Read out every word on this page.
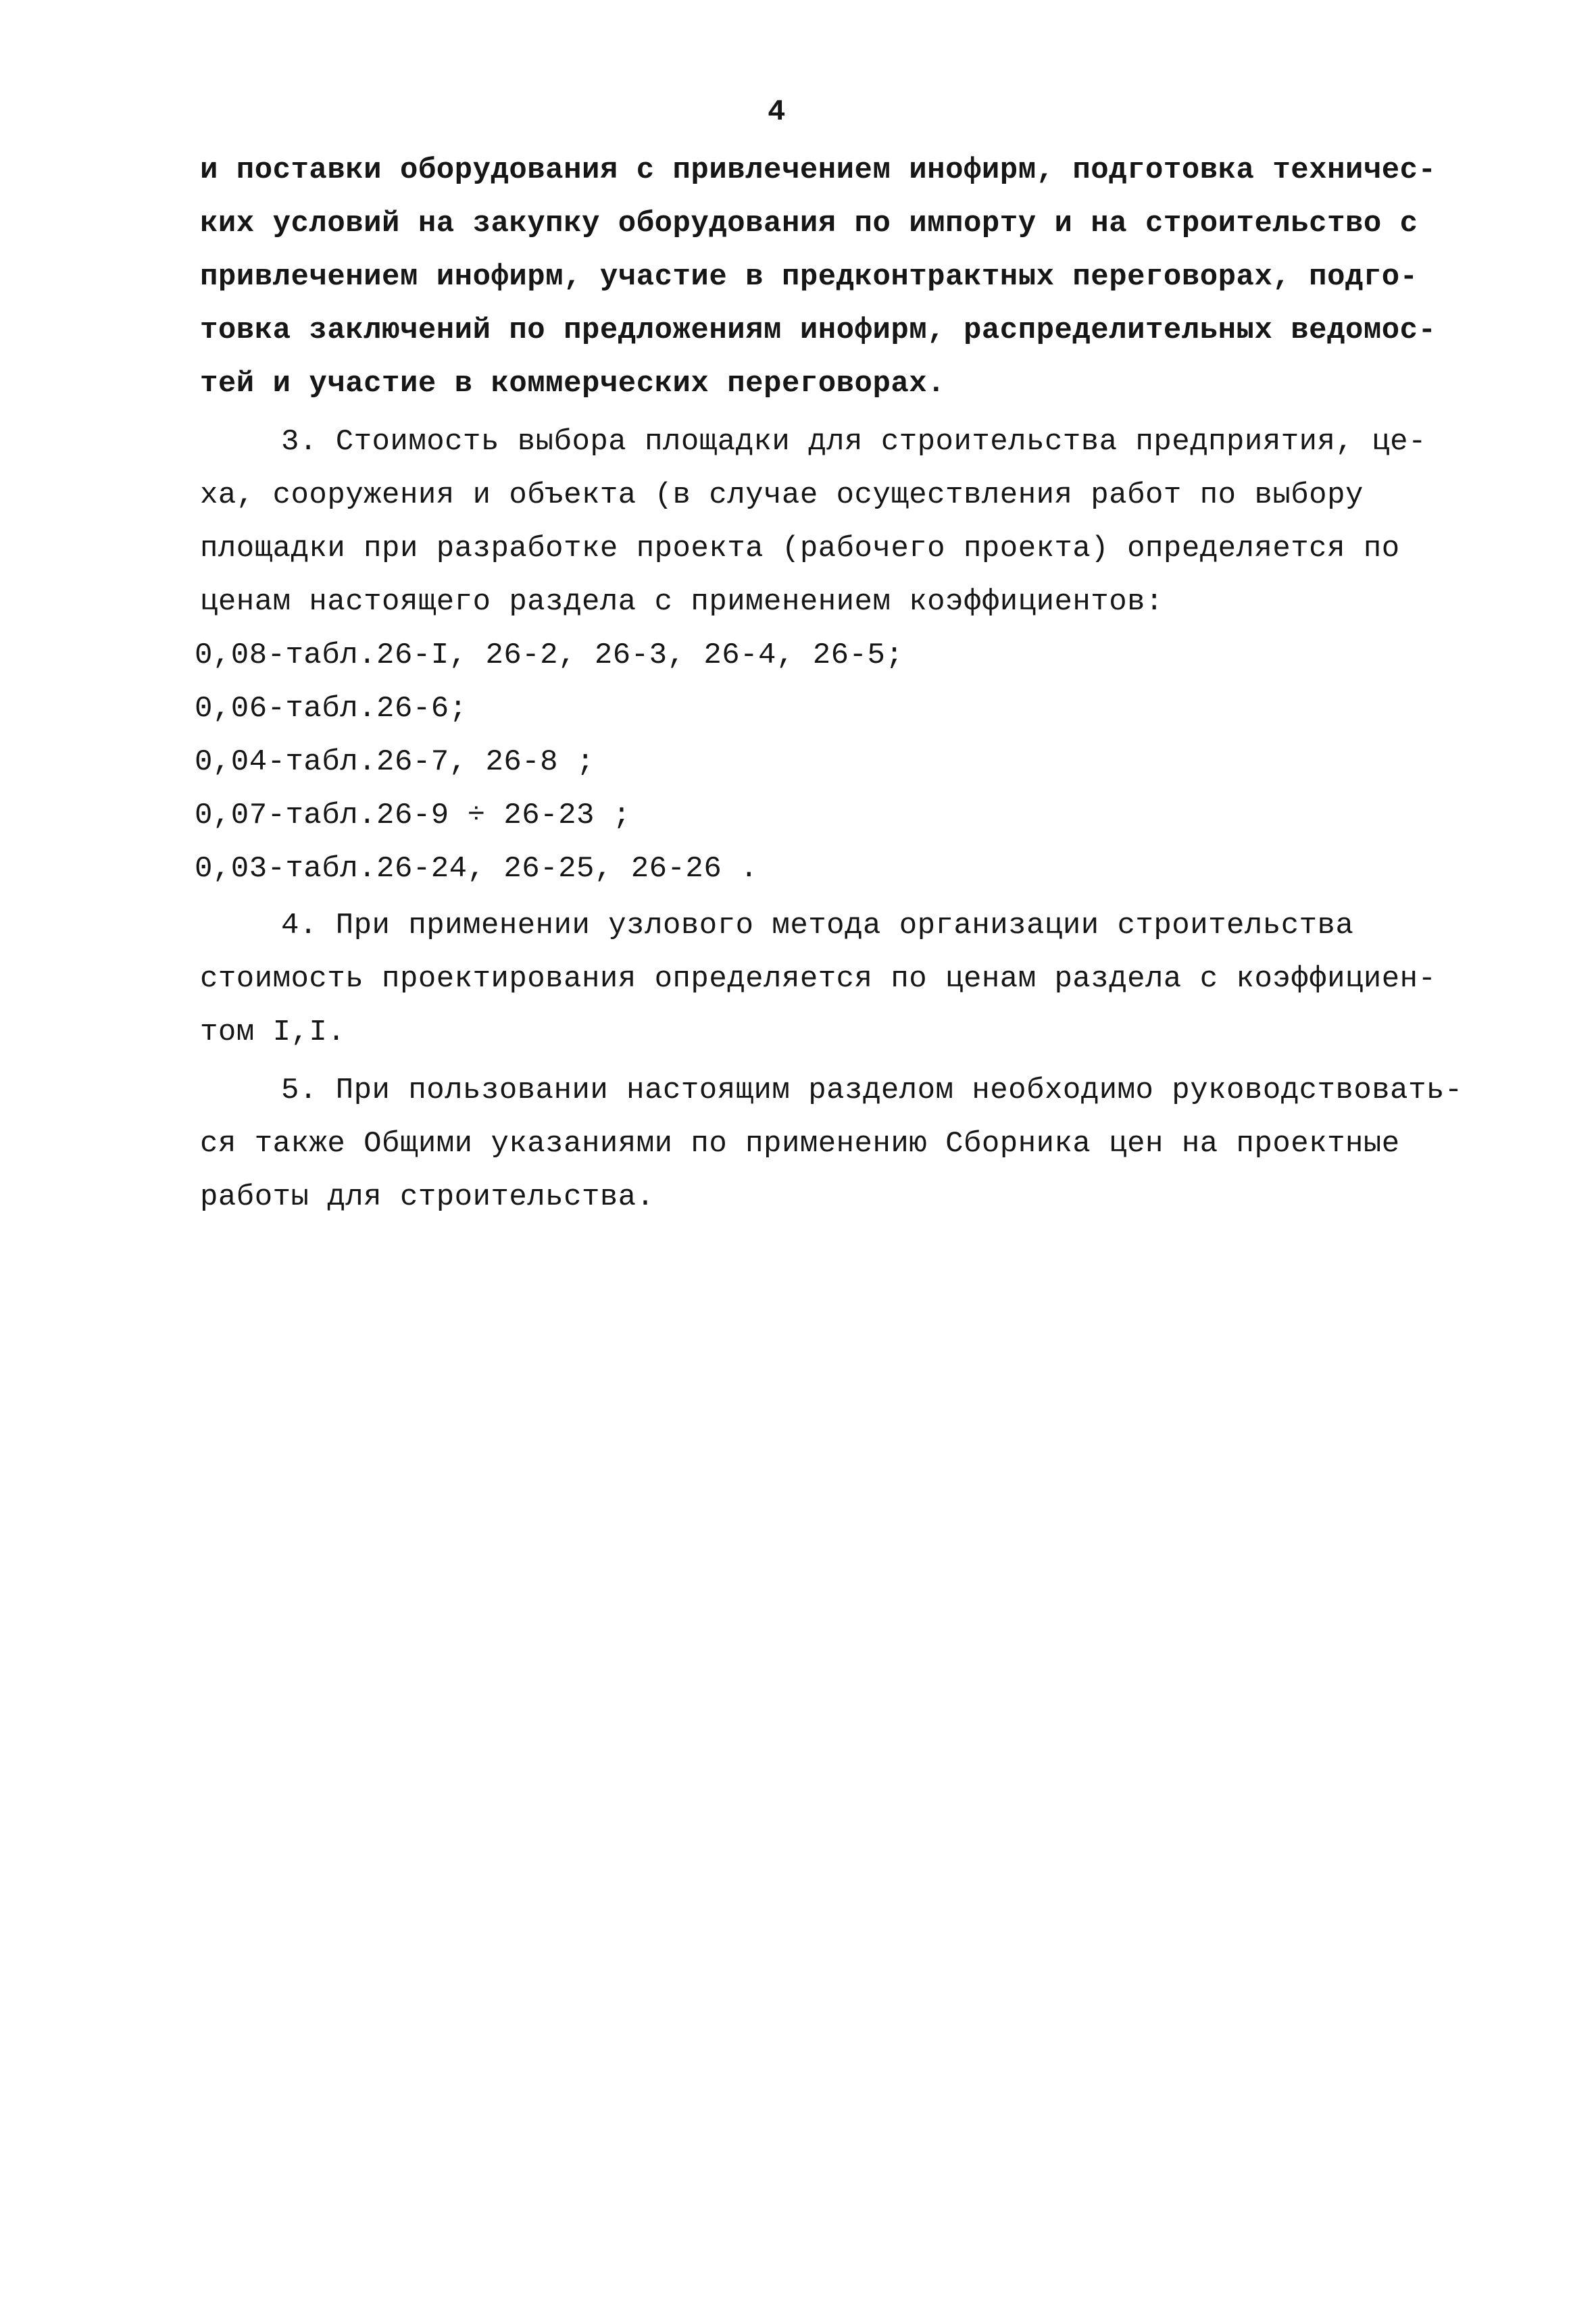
4
и поставки оборудования с привлечением инофирм, подготовка техничес-
ких условий на закупку оборудования по импорту и на строительство с
привлечением инофирм, участие в предконтрактных переговорах, подго-
товка заключений по предложениям инофирм, распределительных ведомос-
тей и участие в коммерческих переговорах.
3. Стоимость выбора площадки для строительства предприятия, це-
ха, сооружения и объекта (в случае осуществления работ по выбору
площадки при разработке проекта (рабочего проекта) определяется по
ценам настоящего раздела с применением коэффициентов:
0,08-табл.26-I, 26-2, 26-3, 26-4, 26-5;
0,06-табл.26-6;
0,04-табл.26-7, 26-8 ;
0,07-табл.26-9 ÷ 26-23 ;
0,03-табл.26-24, 26-25, 26-26 .
4. При применении узлового метода организации строительства
стоимость проектирования определяется по ценам раздела с коэффициен-
том I,I.
5. При пользовании настоящим разделом необходимо руководствовать-
ся также Общими указаниями по применению Сборника цен на проектные
работы для строительства.
